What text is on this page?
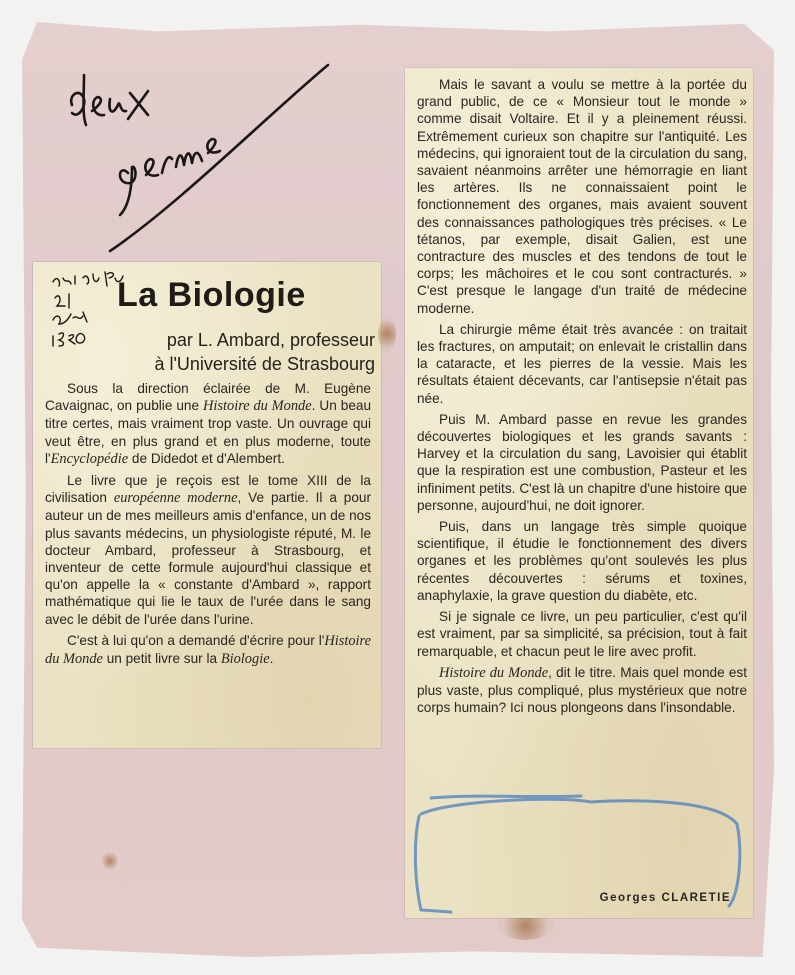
La Biologie
par L. Ambard, professeur
à l'Université de Strasbourg

Sous la direction éclairée de M. Eugène Cavaignac, on publie une Histoire du Monde. Un beau titre certes, mais vraiment trop vaste. Un ouvrage qui veut être, en plus grand et en plus moderne, toute l'Encyclopédie de Didedot et d'Alembert.

Le livre que je reçois est le tome XIII de la civilisation européenne moderne, Ve partie. Il a pour auteur un de mes meilleurs amis d'enfance, un de nos plus savants médecins, un physiologiste réputé, M. le docteur Ambard, professeur à Strasbourg, et inventeur de cette formule aujourd'hui classique et qu'on appelle la « constante d'Ambard », rapport mathématique qui lie le taux de l'urée dans le sang avec le débit de l'urée dans l'urine.

C'est à lui qu'on a demandé d'écrire pour l'Histoire du Monde un petit livre sur la Biologie.

Mais le savant a voulu se mettre à la portée du grand public, de ce « Monsieur tout le monde » comme disait Voltaire. Et il y a pleinement réussi. Extrêmement curieux son chapitre sur l'antiquité. Les médecins, qui ignoraient tout de la circulation du sang, savaient néanmoins arrêter une hémorragie en liant les artères. Ils ne connaissaient point le fonctionnement des organes, mais avaient souvent des connaissances pathologiques très précises. « Le tétanos, par exemple, disait Galien, est une contracture des muscles et des tendons de tout le corps; les mâchoires et le cou sont contracturés. » C'est presque le langage d'un traité de médecine moderne.

La chirurgie même était très avancée : on traitait les fractures, on amputait; on enlevait le cristallin dans la cataracte, et les pierres de la vessie. Mais les résultats étaient décevants, car l'antisepsie n'était pas née.

Puis M. Ambard passe en revue les grandes découvertes biologiques et les grands savants : Harvey et la circulation du sang, Lavoisier qui établit que la respiration est une combustion, Pasteur et les infiniment petits. C'est là un chapitre d'une histoire que personne, aujourd'hui, ne doit ignorer.

Puis, dans un langage très simple quoique scientifique, il étudie le fonctionnement des divers organes et les problèmes qu'ont soulevés les plus récentes découvertes : sérums et toxines, anaphylaxie, la grave question du diabète, etc.

Si je signale ce livre, un peu particulier, c'est qu'il est vraiment, par sa simplicité, sa précision, tout à fait remarquable, et chacun peut le lire avec profit.

Histoire du Monde, dit le titre. Mais quel monde est plus vaste, plus compliqué, plus mystérieux que notre corps humain? Ici nous plongeons dans l'insondable.

Georges CLARETIE
